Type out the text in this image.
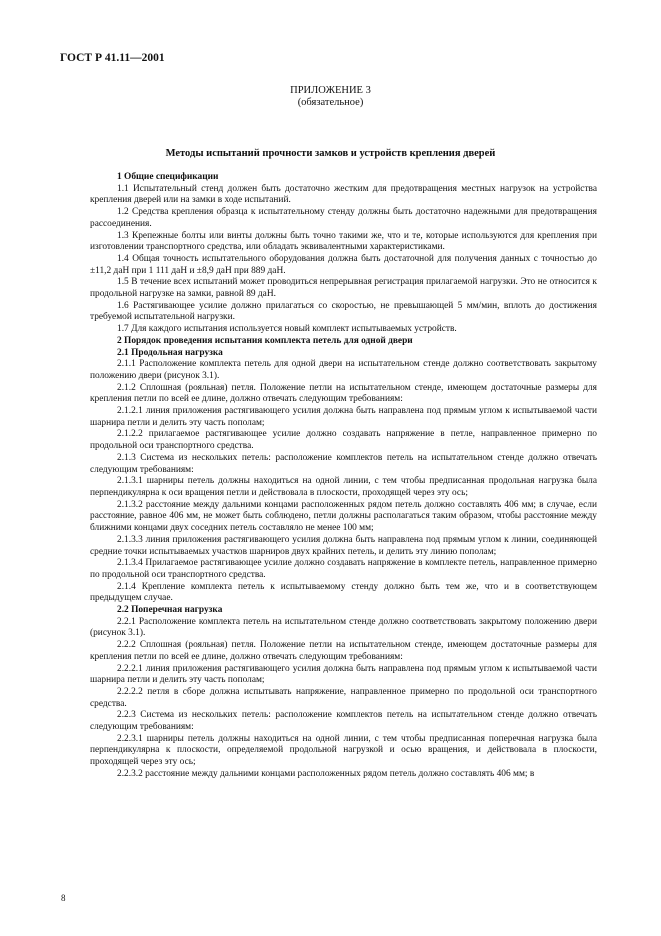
ГОСТ Р 41.11—2001
ПРИЛОЖЕНИЕ 3
(обязательное)
Методы испытаний прочности замков и устройств крепления дверей

1 Общие спецификации

1.1 Испытательный стенд должен быть достаточно жестким для предотвращения местных нагрузок на устройства крепления дверей или на замки в ходе испытаний.

1.2 Средства крепления образца к испытательному стенду должны быть достаточно надежными для предотвращения рассоединения.

1.3 Крепежные болты или винты должны быть точно такими же, что и те, которые используются для крепления при изготовлении транспортного средства, или обладать эквивалентными характеристиками.

1.4 Общая точность испытательного оборудования должна быть достаточной для получения данных с точностью до ±11,2 даН при 1 111 даН и ±8,9 даН при 889 даН.

1.5 В течение всех испытаний может проводиться непрерывная регистрация прилагаемой нагрузки. Это не относится к продольной нагрузке на замки, равной 89 даН.

1.6 Растягивающее усилие должно прилагаться со скоростью, не превышающей 5 мм/мин, вплоть до достижения требуемой испытательной нагрузки.

1.7 Для каждого испытания используется новый комплект испытываемых устройств.

2 Порядок проведения испытания комплекта петель для одной двери

2.1 Продольная нагрузка

2.1.1 Расположение комплекта петель для одной двери на испытательном стенде должно соответствовать закрытому положению двери (рисунок 3.1).

2.1.2 Сплошная (рояльная) петля. Положение петли на испытательном стенде, имеющем достаточные размеры для крепления петли по всей ее длине, должно отвечать следующим требованиям:

2.1.2.1 линия приложения растягивающего усилия должна быть направлена под прямым углом к испытываемой части шарнира петли и делить эту часть пополам;

2.1.2.2 прилагаемое растягивающее усилие должно создавать напряжение в петле, направленное примерно по продольной оси транспортного средства.

2.1.3 Система из нескольких петель: расположение комплектов петель на испытательном стенде должно отвечать следующим требованиям:

2.1.3.1 шарниры петель должны находиться на одной линии, с тем чтобы предписанная продольная нагрузка была перпендикулярна к оси вращения петли и действовала в плоскости, проходящей через эту ось;

2.1.3.2 расстояние между дальними концами расположенных рядом петель должно составлять 406 мм; в случае, если расстояние, равное 406 мм, не может быть соблюдено, петли должны располагаться таким образом, чтобы расстояние между ближними концами двух соседних петель составляло не менее 100 мм;

2.1.3.3 линия приложения растягивающего усилия должна быть направлена под прямым углом к линии, соединяющей средние точки испытываемых участков шарниров двух крайних петель, и делить эту линию пополам;

2.1.3.4 Прилагаемое растягивающее усилие должно создавать напряжение в комплекте петель, направленное примерно по продольной оси транспортного средства.

2.1.4 Крепление комплекта петель к испытываемому стенду должно быть тем же, что и в соответствующем предыдущем случае.

2.2 Поперечная нагрузка

2.2.1 Расположение комплекта петель на испытательном стенде должно соответствовать закрытому положению двери (рисунок 3.1).

2.2.2 Сплошная (рояльная) петля. Положение петли на испытательном стенде, имеющем достаточные размеры для крепления петли по всей ее длине, должно отвечать следующим требованиям:

2.2.2.1 линия приложения растягивающего усилия должна быть направлена под прямым углом к испытываемой части шарнира петли и делить эту часть пополам;

2.2.2.2 петля в сборе должна испытывать напряжение, направленное примерно по продольной оси транспортного средства.

2.2.3 Система из нескольких петель: расположение комплектов петель на испытательном стенде должно отвечать следующим требованиям:

2.2.3.1 шарниры петель должны находиться на одной линии, с тем чтобы предписанная поперечная нагрузка была перпендикулярна к плоскости, определяемой продольной нагрузкой и осью вращения, и действовала в плоскости, проходящей через эту ось;

2.2.3.2 расстояние между дальними концами расположенных рядом петель должно составлять 406 мм; в

8
